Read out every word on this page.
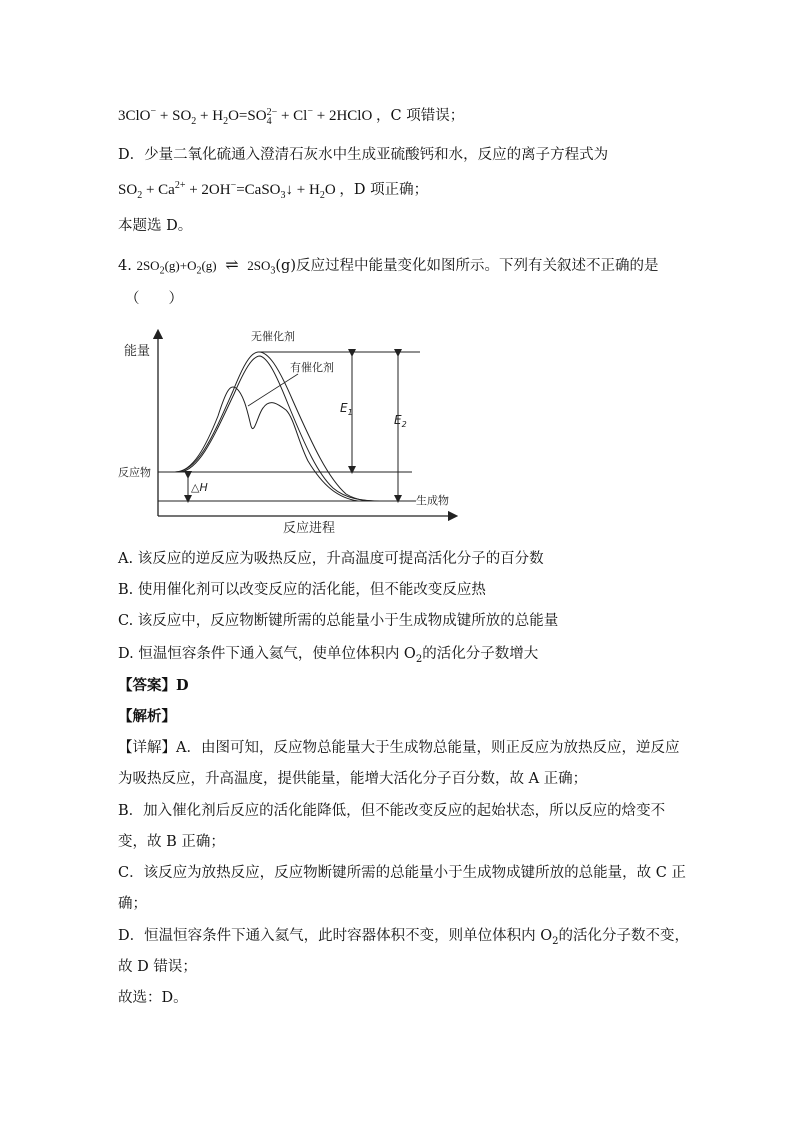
$3ClO^- + SO_2 + H_2O=SO$ 2−
4 + Cl− + 2HClO ，C 项错误；
D．少量二氧化硫通入澄清石灰水中生成亚硫酸钙和水，反应的离子方程式为
$SO_2 + Ca^{2+}$ + 2OH−=CaSO$_3$↓ + $H_2O$ ，D 项正确；
本题选 D。
4. $2SO_2(g)+O_2(g)$ ⇌ $2SO_3(g)$反应过程中能量变化如图所示。下列有关叙述不正确的是
（　　）
能量
反应进程
反应物
生成物
无催化剂
有催化剂
$E_1$
$E_2$
△H
A. 该反应的逆反应为吸热反应，升高温度可提高活化分子的百分数
B. 使用催化剂可以改变反应的活化能，但不能改变反应热
C. 该反应中，反应物断键所需的总能量小于生成物成键所放的总能量
D. 恒温恒容条件下通入氦气，使单位体积内 $O_2$的活化分子数增大
【答案】D
【解析】
【详解】A．由图可知，反应物总能量大于生成物总能量，则正反应为放热反应，逆反应
为吸热反应，升高温度，提供能量，能增大活化分子百分数，故 A 正确；
B．加入催化剂后反应的活化能降低，但不能改变反应的起始状态，所以反应的焓变不
变，故 B 正确；
C．该反应为放热反应，反应物断键所需的总能量小于生成物成键所放的总能量，故 C 正
确；
D．恒温恒容条件下通入氦气，此时容器体积不变，则单位体积内 $O_2$的活化分子数不变，
故 D 错误；
故选：D。
